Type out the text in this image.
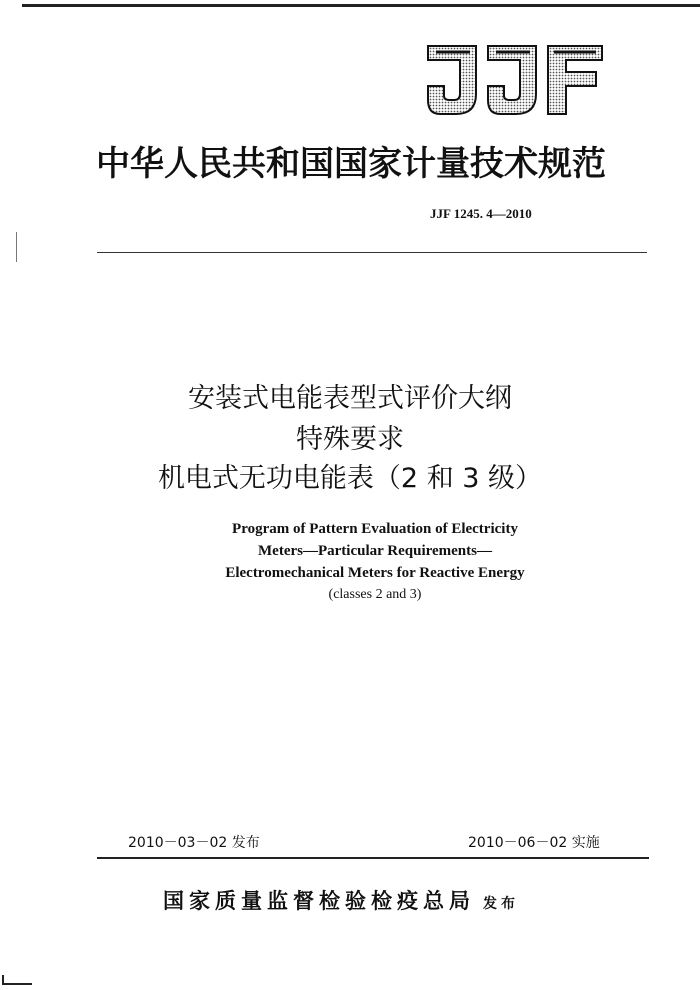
中华人民共和国国家计量技术规范
JJF 1245. 4—2010
安装式电能表型式评价大纲
特殊要求
机电式无功电能表（2 和 3 级）
Program of Pattern Evaluation of Electricity
Meters—Particular Requirements—
Electromechanical Meters for Reactive Energy
(classes 2 and 3)
2010－03－02 发布	2010－06－02 实施
国家质量监督检验检疫总局 发布
